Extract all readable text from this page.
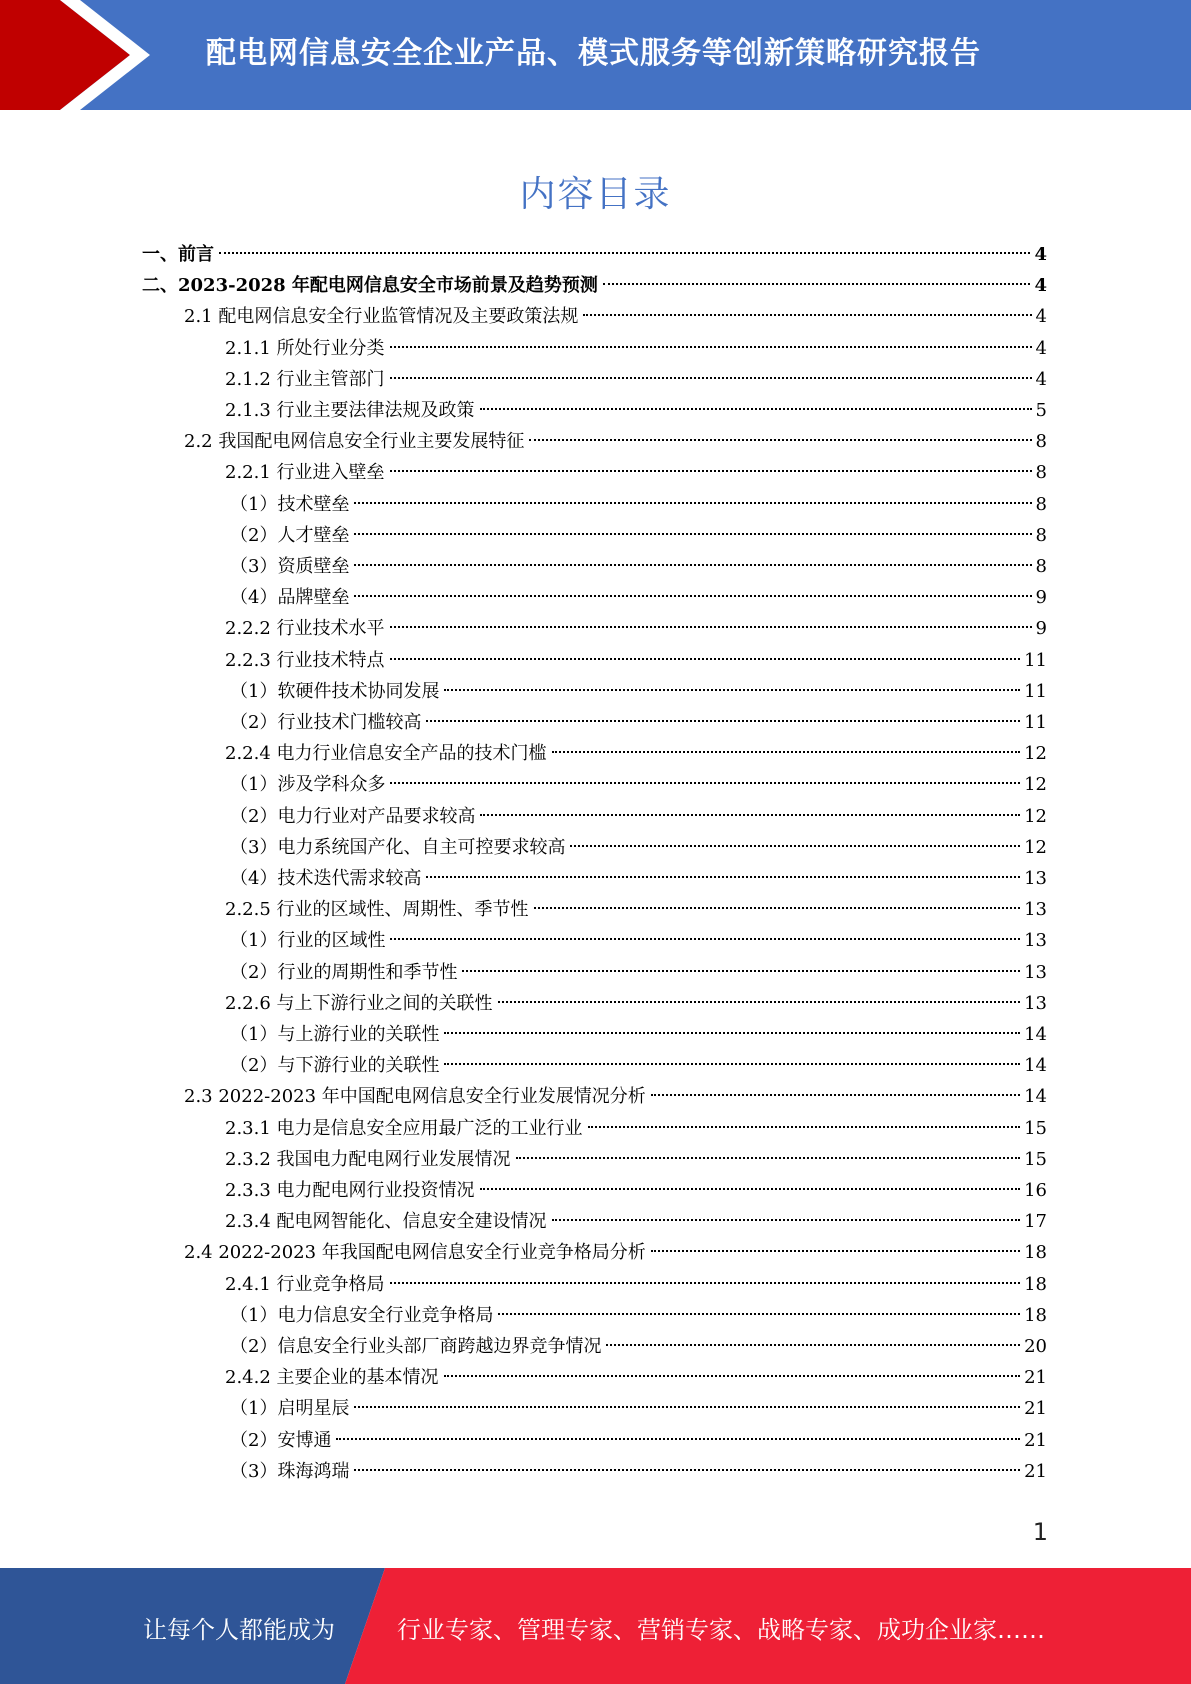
配电网信息安全企业产品、模式服务等创新策略研究报告
内容目录
一、前言	4
二、2023-2028 年配电网信息安全市场前景及趋势预测	4
2.1 配电网信息安全行业监管情况及主要政策法规	4
2.1.1 所处行业分类	4
2.1.2 行业主管部门	4
2.1.3 行业主要法律法规及政策	5
2.2 我国配电网信息安全行业主要发展特征	8
2.2.1 行业进入壁垒	8
（1）技术壁垒	8
（2）人才壁垒	8
（3）资质壁垒	8
（4）品牌壁垒	9
2.2.2 行业技术水平	9
2.2.3 行业技术特点	11
（1）软硬件技术协同发展	11
（2）行业技术门槛较高	11
2.2.4 电力行业信息安全产品的技术门槛	12
（1）涉及学科众多	12
（2）电力行业对产品要求较高	12
（3）电力系统国产化、自主可控要求较高	12
（4）技术迭代需求较高	13
2.2.5 行业的区域性、周期性、季节性	13
（1）行业的区域性	13
（2）行业的周期性和季节性	13
2.2.6 与上下游行业之间的关联性	13
（1）与上游行业的关联性	14
（2）与下游行业的关联性	14
2.3 2022-2023 年中国配电网信息安全行业发展情况分析	14
2.3.1 电力是信息安全应用最广泛的工业行业	15
2.3.2 我国电力配电网行业发展情况	15
2.3.3 电力配电网行业投资情况	16
2.3.4 配电网智能化、信息安全建设情况	17
2.4 2022-2023 年我国配电网信息安全行业竞争格局分析	18
2.4.1 行业竞争格局	18
（1）电力信息安全行业竞争格局	18
（2）信息安全行业头部厂商跨越边界竞争情况	20
2.4.2 主要企业的基本情况	21
（1）启明星辰	21
（2）安博通	21
（3）珠海鸿瑞	21
1
让每个人都能成为	行业专家、管理专家、营销专家、战略专家、成功企业家……
